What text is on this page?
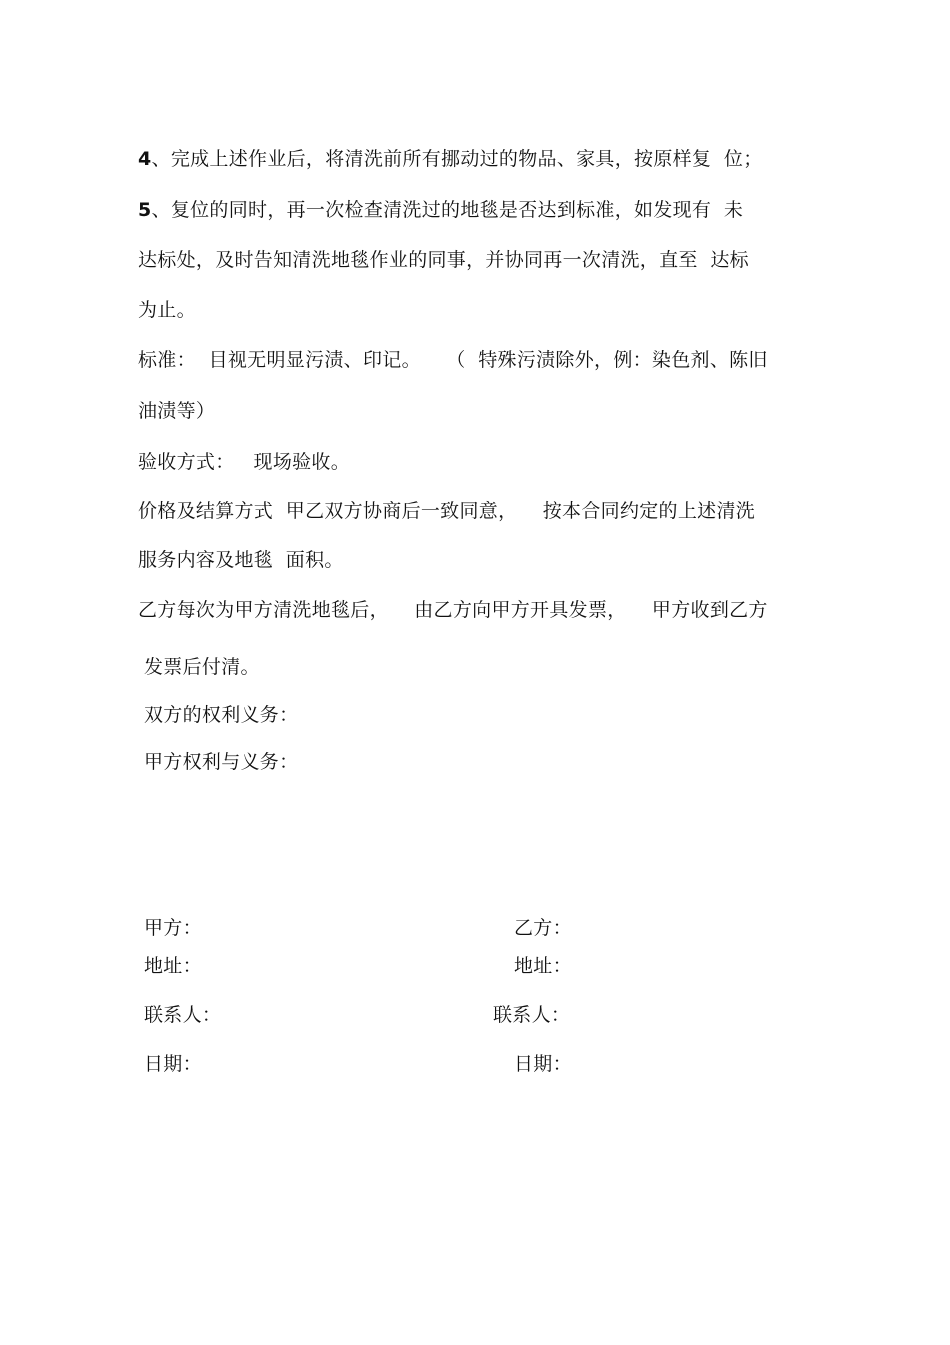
4、完成上述作业后，将清洗前所有挪动过的物品、家具，按原样复  位；
5、复位的同时，再一次检查清洗过的地毯是否达到标准，如发现有  未
达标处，及时告知清洗地毯作业的同事，并协同再一次清洗，直至  达标
为止。
标准：  目视无明显污渍、印记。    （  特殊污渍除外，例：染色剂、陈旧
油渍等）
验收方式：   现场验收。
价格及结算方式  甲乙双方协商后一致同意，    按本合同约定的上述清洗
服务内容及地毯  面积。
乙方每次为甲方清洗地毯后，    由乙方向甲方开具发票，    甲方收到乙方
发票后付清。
双方的权利义务：
甲方权利与义务：
甲方：	乙方：
地址：	地址：
联系人：	联系人：
日期：	日期：
